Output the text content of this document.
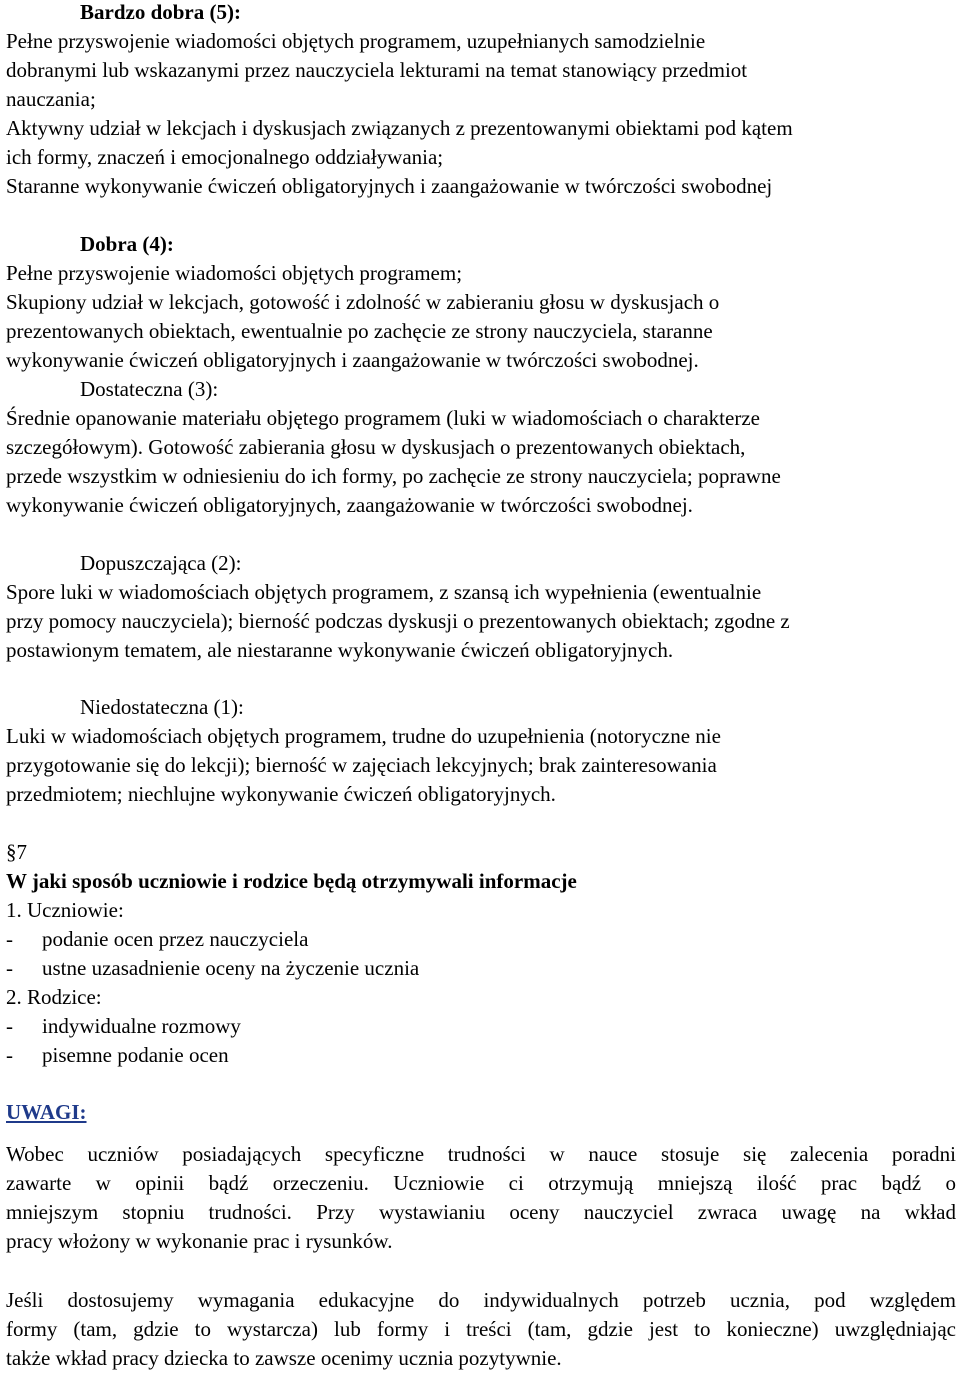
Bardzo dobra (5):
Pełne przyswojenie wiadomości objętych programem, uzupełnianych samodzielnie
dobranymi lub wskazanymi przez nauczyciela lekturami na temat stanowiący przedmiot
nauczania;
Aktywny udział w lekcjach i dyskusjach związanych z prezentowanymi obiektami pod kątem
ich formy, znaczeń i emocjonalnego oddziaływania;
Staranne wykonywanie ćwiczeń obligatoryjnych i zaangażowanie w twórczości swobodnej
Dobra (4):
Pełne przyswojenie wiadomości objętych programem;
Skupiony udział w lekcjach, gotowość i zdolność w zabieraniu głosu w dyskusjach o
prezentowanych obiektach, ewentualnie po zachęcie ze strony nauczyciela, staranne
wykonywanie ćwiczeń obligatoryjnych i zaangażowanie w twórczości swobodnej.
Dostateczna (3):
Średnie opanowanie materiału objętego programem (luki w wiadomościach o charakterze
szczegółowym). Gotowość zabierania głosu w dyskusjach o prezentowanych obiektach,
przede wszystkim w odniesieniu do ich formy, po zachęcie ze strony nauczyciela; poprawne
wykonywanie ćwiczeń obligatoryjnych, zaangażowanie w twórczości swobodnej.
Dopuszczająca (2):
Spore luki w wiadomościach objętych programem, z szansą ich wypełnienia (ewentualnie
przy pomocy nauczyciela); bierność podczas dyskusji o prezentowanych obiektach; zgodne z
postawionym tematem, ale niestaranne wykonywanie ćwiczeń obligatoryjnych.
Niedostateczna (1):
Luki w wiadomościach objętych programem, trudne do uzupełnienia (notoryczne nie
przygotowanie się do lekcji); bierność w zajęciach lekcyjnych; brak zainteresowania
przedmiotem; niechlujne wykonywanie ćwiczeń obligatoryjnych.
§7
W jaki sposób uczniowie i rodzice będą otrzymywali informacje
1. Uczniowie:
- podanie ocen przez nauczyciela
- ustne uzasadnienie oceny na życzenie ucznia
2. Rodzice:
- indywidualne rozmowy
- pisemne podanie ocen
UWAGI:
Wobec uczniów posiadających specyficzne trudności w nauce stosuje się zalecenia poradni
zawarte w opinii bądź orzeczeniu. Uczniowie ci otrzymują mniejszą ilość prac bądź o
mniejszym stopniu trudności. Przy wystawianiu oceny nauczyciel zwraca uwagę na wkład
pracy włożony w wykonanie prac i rysunków.
Jeśli dostosujemy wymagania edukacyjne do indywidualnych potrzeb ucznia, pod względem
formy (tam, gdzie to wystarcza) lub formy i treści (tam, gdzie jest to konieczne) uwzględniając
także wkład pracy dziecka to zawsze ocenimy ucznia pozytywnie.
